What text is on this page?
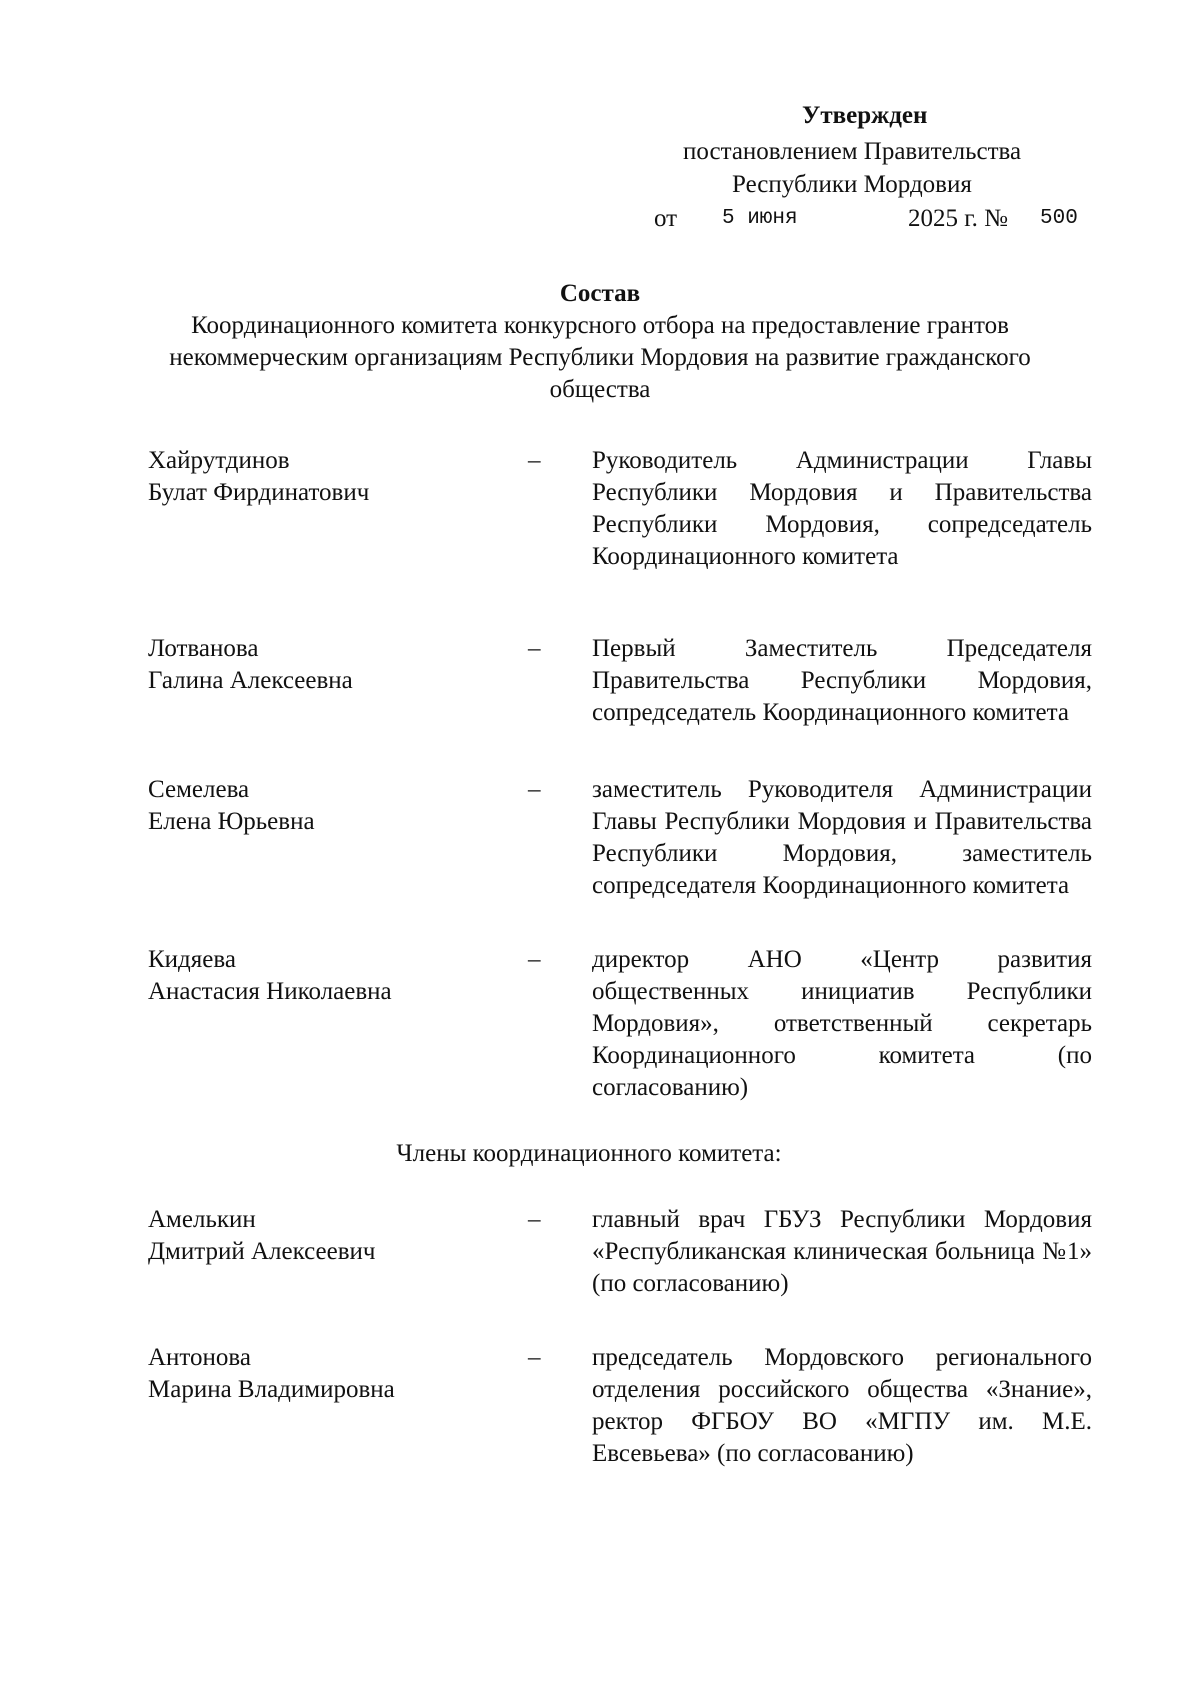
Утвержден
постановлением Правительства
Республики Мордовия
от 5 июня	2025 г. № 500
Состав
Координационного комитета конкурсного отбора на предоставление грантов некоммерческим организациям Республики Мордовия на развитие гражданского общества
Хайрутдинов
Булат Фирдинатович
–	Руководитель Администрации Главы Республики Мордовия и Правительства Республики Мордовия, сопредседатель Координационного комитета
Лотванова
Галина Алексеевна
–	Первый Заместитель Председателя Правительства Республики Мордовия, сопредседатель Координационного комитета
Семелева
Елена Юрьевна
–	заместитель Руководителя Администрации Главы Республики Мордовия и Правительства Республики Мордовия, заместитель сопредседателя Координационного комитета
Кидяева
Анастасия Николаевна
–	директор АНО «Центр развития общественных инициатив Республики Мордовия», ответственный секретарь Координационного комитета (по согласованию)
Члены координационного комитета:
Амелькин
Дмитрий Алексеевич
–	главный врач ГБУЗ Республики Мордовия «Республиканская клиническая больница №1» (по согласованию)
Антонова
Марина Владимировна
–	председатель Мордовского регионального отделения российского общества «Знание», ректор ФГБОУ ВО «МГПУ им. М.Е. Евсевьева» (по согласованию)
